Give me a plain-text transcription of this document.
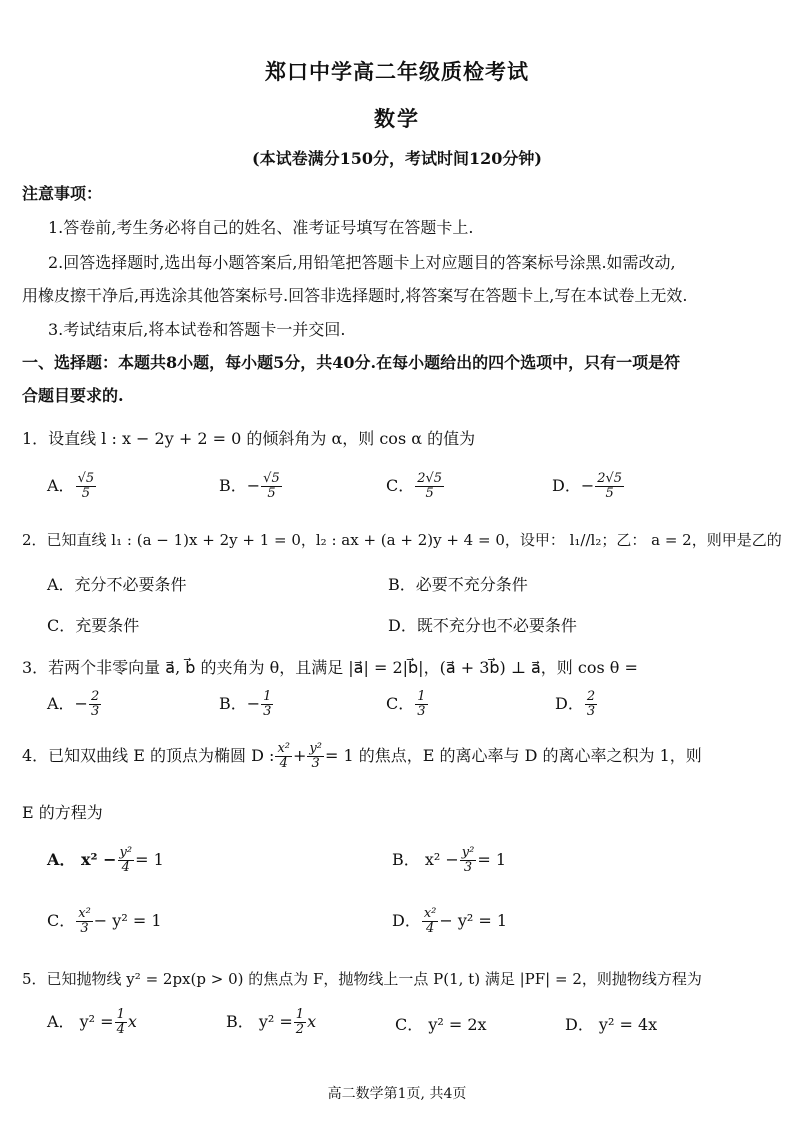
郑口中学高二年级质检考试
数学
(本试卷满分150分，考试时间120分钟)
注意事项：
1.答卷前,考生务必将自己的姓名、准考证号填写在答题卡上.
2.回答选择题时,选出每小题答案后,用铅笔把答题卡上对应题目的答案标号涂黑.如需改动,
用橡皮擦干净后,再选涂其他答案标号.回答非选择题时,将答案写在答题卡上,写在本试卷上无效.
3.考试结束后,将本试卷和答题卡一并交回.
一、选择题：本题共8小题，每小题5分，共40分.在每小题给出的四个选项中，只有一项是符
合题目要求的.
1．设直线 l : x − 2y + 2 = 0 的倾斜角为 α，则 cos α 的值为
A． $\frac{√5}{5}$	B．− $\frac{√5}{5}$	C． $\frac{2√5}{5}$	D．− $\frac{2√5}{5}$
2．已知直线 l₁ : (a − 1)x + 2y + 1 = 0，l₂ : ax + (a + 2)y + 4 = 0，设甲： l₁//l₂；乙： a = 2，则甲是乙的
A．充分不必要条件	B．必要不充分条件
C．充要条件	D．既不充分也不必要条件
3．若两个非零向量 a⃗, b⃗ 的夹角为 θ，且满足 |a⃗| = 2|b⃗|，(a⃗ + 3b⃗) ⊥ a⃗，则 cos θ =
A．− $\frac{2}{3}$	B．− $\frac{1}{3}$	C． $\frac{1}{3}$	D． $\frac{2}{3}$
4．已知双曲线 E 的顶点为椭圆 D : $\frac{\text{x²}}{4} + \frac{\text{y²}}{3} = 1$ 的焦点，E 的离心率与 D 的离心率之积为 1，则
E 的方程为
A． $x^2 - \frac{\text{y²}}{4} = 1$	B． $x^2 - \frac{\text{y²}}{3} = 1$
C． $\frac{\text{x²}}{3} - y^2 = 1$	D． $\frac{\text{x²}}{4} - y^2 = 1$
5．已知抛物线 y² = 2px(p > 0) 的焦点为 F，抛物线上一点 P(1, t) 满足 |PF| = 2，则抛物线方程为
A． $y^2 = \frac{1}{4}$ x	B． $y^2 = \frac{1}{2}$ x	C． y² = 2x	D． y² = 4x
高二数学第1页, 共4页
